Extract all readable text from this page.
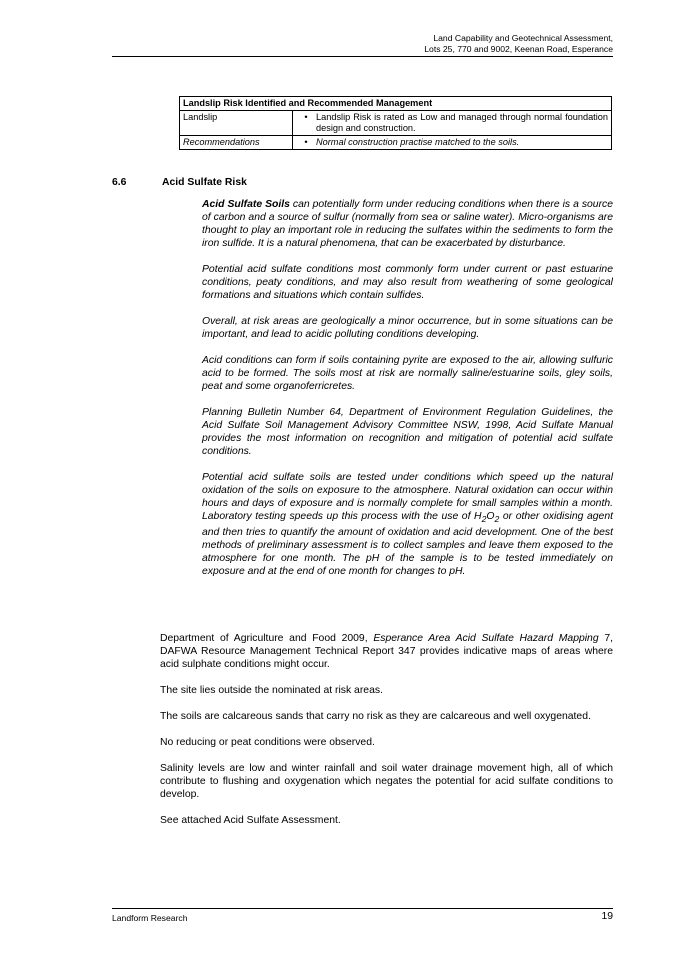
Land Capability and Geotechnical Assessment,
Lots 25, 770 and 9002, Keenan Road, Esperance
Landslip Risk Identified and Recommended Management	
Landslip	• Landslip Risk is rated as Low and managed through normal foundation design and construction.

Recommendations	• Normal construction practise matched to the soils.
6.6	Acid Sulfate Risk

Acid Sulfate Soils can potentially form under reducing conditions when there is a source of carbon and a source of sulfur (normally from sea or saline water). Micro-organisms are thought to play an important role in reducing the sulfates within the sediments to form the iron sulfide. It is a natural phenomena, that can be exacerbated by disturbance.

Potential acid sulfate conditions most commonly form under current or past estuarine conditions, peaty conditions, and may also result from weathering of some geological formations and situations which contain sulfides.

Overall, at risk areas are geologically a minor occurrence, but in some situations can be important, and lead to acidic polluting conditions developing.

Acid conditions can form if soils containing pyrite are exposed to the air, allowing sulfuric acid to be formed. The soils most at risk are normally saline/estuarine soils, gley soils, peat and some organoferricretes.

Planning Bulletin Number 64, Department of Environment Regulation Guidelines, the Acid Sulfate Soil Management Advisory Committee NSW, 1998, Acid Sulfate Manual provides the most information on recognition and mitigation of potential acid sulfate conditions.

Potential acid sulfate soils are tested under conditions which speed up the natural oxidation of the soils on exposure to the atmosphere. Natural oxidation can occur within hours and days of exposure and is normally complete for small samples within a month. Laboratory testing speeds up this process with the use of $H_2O_2$ or other oxidising agent and then tries to quantify the amount of oxidation and acid development. One of the best methods of preliminary assessment is to collect samples and leave them exposed to the atmosphere for one month. The pH of the sample is to be tested immediately on exposure and at the end of one month for changes to pH.

Department of Agriculture and Food 2009, Esperance Area Acid Sulfate Hazard Mapping 7, DAFWA Resource Management Technical Report 347 provides indicative maps of areas where acid sulphate conditions might occur.

The site lies outside the nominated at risk areas.

The soils are calcareous sands that carry no risk as they are calcareous and well oxygenated.

No reducing or peat conditions were observed.

Salinity levels are low and winter rainfall and soil water drainage movement high, all of which contribute to flushing and oxygenation which negates the potential for acid sulfate conditions to develop.

See attached Acid Sulfate Assessment.

Landform Research	19
